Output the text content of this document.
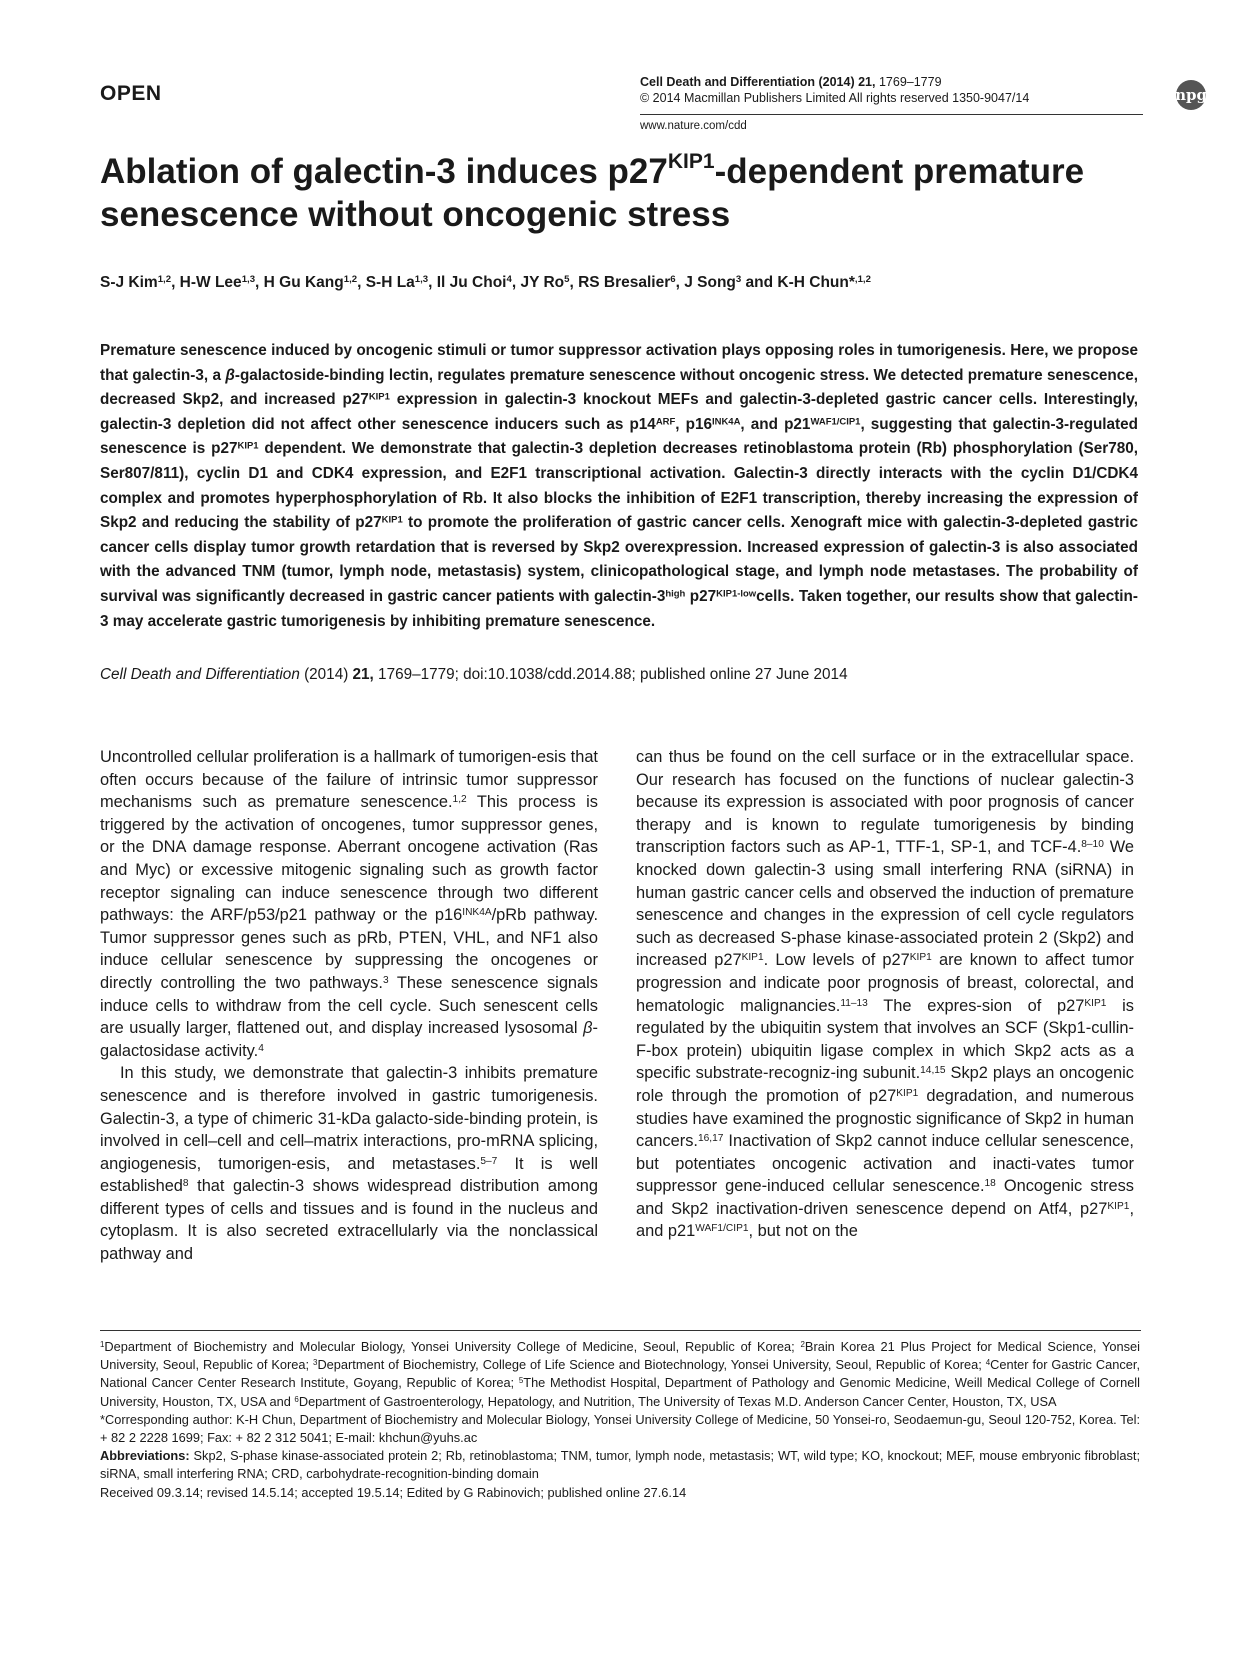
OPEN	Cell Death and Differentiation (2014) 21, 1769–1779
© 2014 Macmillan Publishers Limited All rights reserved 1350-9047/14
www.nature.com/cdd
npg
Ablation of galectin-3 induces $p27^{KIP1}$-dependent premature senescence without oncogenic stress
S-J Kim$^{1,2}$, H-W Lee$^{1,3}$, H Gu Kang$^{1,2}$, S-H La$^{1,3}$, Il Ju Choi$^4$, JY Ro$^5$, RS Bresalier$^6$, J Song$^3$ and K-H Chun*$^{,1,2}$

Premature senescence induced by oncogenic stimuli or tumor suppressor activation plays opposing roles in tumorigenesis. Here, we propose that galectin-3, a β-galactoside-binding lectin, regulates premature senescence without oncogenic stress. We detected premature senescence, decreased Skp2, and increased $p27^{KIP1}$ expression in galectin-3 knockout MEFs and galectin-3-depleted gastric cancer cells. Interestingly, galectin-3 depletion did not affect other senescence inducers such as $p14^{ARF}$, $p16^{INK4A}$, and $p21^{WAF1/CIP1}$, suggesting that galectin-3-regulated senescence is $p27^{KIP1}$ dependent. We demonstrate that galectin-3 depletion decreases retinoblastoma protein (Rb) phosphorylation (Ser780, Ser807/811), cyclin D1 and CDK4 expression, and E2F1 transcriptional activation. Galectin-3 directly interacts with the cyclin D1/CDK4 complex and promotes hyperphosphorylation of Rb. It also blocks the inhibition of E2F1 transcription, thereby increasing the expression of Skp2 and reducing the stability of $p27^{KIP1}$ to promote the proliferation of gastric cancer cells. Xenograft mice with galectin-3-depleted gastric cancer cells display tumor growth retardation that is reversed by Skp2 overexpression. Increased expression of galectin-3 is also associated with the advanced TNM (tumor, lymph node, metastasis) system, clinicopathological stage, and lymph node metastases. The probability of survival was significantly decreased in gastric cancer patients with galectin-$3^{high}$ $p27^{KIP1-low}cells$. Taken together, our results show that galectin-3 may accelerate gastric tumorigenesis by inhibiting premature senescence.

Cell Death and Differentiation (2014) 21, 1769–1779; doi:10.1038/cdd.2014.88; published online 27 June 2014

Uncontrolled cellular proliferation is a hallmark of tumorigen-esis that often occurs because of the failure of intrinsic tumor suppressor mechanisms such as premature senescence.$^{1,2}$ This process is triggered by the activation of oncogenes, tumor suppressor genes, or the DNA damage response. Aberrant oncogene activation (Ras and Myc) or excessive mitogenic signaling such as growth factor receptor signaling can induce senescence through two different pathways: the ARF/p53/p21 pathway or the $p16^{INK4A}$/pRb pathway. Tumor suppressor genes such as pRb, PTEN, VHL, and NF1 also induce cellular senescence by suppressing the oncogenes or directly controlling the two pathways.$^3$ These senescence signals induce cells to withdraw from the cell cycle. Such senescent cells are usually larger, flattened out, and display increased lysosomal β-galactosidase activity.$^4$

In this study, we demonstrate that galectin-3 inhibits premature senescence and is therefore involved in gastric tumorigenesis. Galectin-3, a type of chimeric 31-kDa galacto-side-binding protein, is involved in cell–cell and cell–matrix interactions, pro-mRNA splicing, angiogenesis, tumorigen-esis, and metastases.$^{5-7}$ It is well established$^8$ that galectin-3 shows widespread distribution among different types of cells and tissues and is found in the nucleus and cytoplasm. It is also secreted extracellularly via the nonclassical pathway and

can thus be found on the cell surface or in the extracellular space. Our research has focused on the functions of nuclear galectin-3 because its expression is associated with poor prognosis of cancer therapy and is known to regulate tumorigenesis by binding transcription factors such as AP-1, TTF-1, SP-1, and TCF-4.$^{8-10}$ We knocked down galectin-3 using small interfering RNA (siRNA) in human gastric cancer cells and observed the induction of premature senescence and changes in the expression of cell cycle regulators such as decreased S-phase kinase-associated protein 2 (Skp2) and increased $p27^{KIP1}$. Low levels of $p27^{KIP1}$ are known to affect tumor progression and indicate poor prognosis of breast, colorectal, and hematologic malignancies.$^{11-13}$ The expres-sion of $p27^{KIP1}$ is regulated by the ubiquitin system that involves an SCF (Skp1-cullin-F-box protein) ubiquitin ligase complex in which Skp2 acts as a specific substrate-recogniz-ing subunit.$^{14,15}$ Skp2 plays an oncogenic role through the promotion of $p27^{KIP1}$ degradation, and numerous studies have examined the prognostic significance of Skp2 in human cancers.$^{16,17}$ Inactivation of Skp2 cannot induce cellular senescence, but potentiates oncogenic activation and inacti-vates tumor suppressor gene-induced cellular senescence.$^{18}$ Oncogenic stress and Skp2 inactivation-driven senescence depend on Atf4, $p27^{KIP1}$, and $p21^{WAF1/CIP1}$, but not on the

$^1$Department of Biochemistry and Molecular Biology, Yonsei University College of Medicine, Seoul, Republic of Korea; $^2$Brain Korea 21 Plus Project for Medical Science, Yonsei University, Seoul, Republic of Korea; $^3$Department of Biochemistry, College of Life Science and Biotechnology, Yonsei University, Seoul, Republic of Korea; $^4$Center for Gastric Cancer, National Cancer Center Research Institute, Goyang, Republic of Korea; $^5$The Methodist Hospital, Department of Pathology and Genomic Medicine, Weill Medical College of Cornell University, Houston, TX, USA and $^6$Department of Gastroenterology, Hepatology, and Nutrition, The University of Texas M.D. Anderson Cancer Center, Houston, TX, USA

*Corresponding author: K-H Chun, Department of Biochemistry and Molecular Biology, Yonsei University College of Medicine, 50 Yonsei-ro, Seodaemun-gu, Seoul 120-752, Korea. Tel: + 82 2 2228 1699; Fax: + 82 2 312 5041; E-mail: khchun@yuhs.ac

Abbreviations: Skp2, S-phase kinase-associated protein 2; Rb, retinoblastoma; TNM, tumor, lymph node, metastasis; WT, wild type; KO, knockout; MEF, mouse embryonic fibroblast; siRNA, small interfering RNA; CRD, carbohydrate-recognition-binding domain

Received 09.3.14; revised 14.5.14; accepted 19.5.14; Edited by G Rabinovich; published online 27.6.14
